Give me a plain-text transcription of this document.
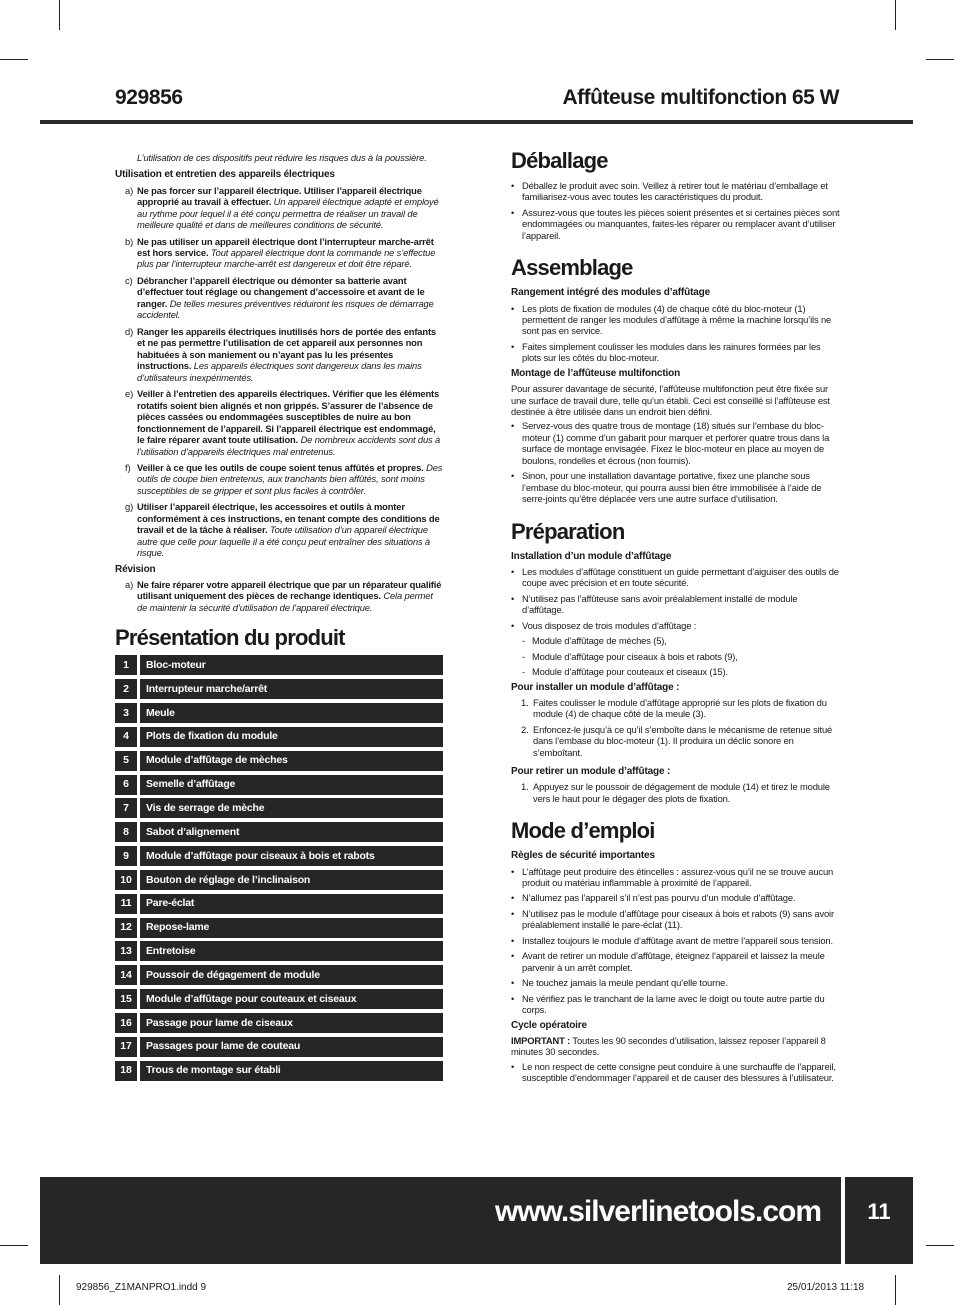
929856	Affûteuse multifonction 65 W
L’utilisation de ces dispositifs peut réduire les risques dus à la poussière.
Utilisation et entretien des appareils électriques
a) Ne pas forcer sur l’appareil électrique. Utiliser l’appareil électrique approprié au travail à effectuer. Un appareil électrique adapté et employé au rythme pour lequel il a été conçu permettra de réaliser un travail de meilleure qualité et dans de meilleures conditions de sécurité.
b) Ne pas utiliser un appareil électrique dont l’interrupteur marche-arrêt est hors service. Tout appareil électrique dont la commande ne s’effectue plus par l’interrupteur marche-arrêt est dangereux et doit être réparé.
c) Débrancher l’appareil électrique ou démonter sa batterie avant d’effectuer tout réglage ou changement d’accessoire et avant de le ranger. De telles mesures préventives réduiront les risques de démarrage accidentel.
d) Ranger les appareils électriques inutilisés hors de portée des enfants et ne pas permettre l’utilisation de cet appareil aux personnes non habituées à son maniement ou n’ayant pas lu les présentes instructions. Les appareils électriques sont dangereux dans les mains d’utilisateurs inexpérimentés.
e) Veiller à l’entretien des appareils électriques. Vérifier que les éléments rotatifs soient bien alignés et non grippés. S’assurer de l’absence de pièces cassées ou endommagées susceptibles de nuire au bon fonctionnement de l’appareil. Si l’appareil électrique est endommagé, le faire réparer avant toute utilisation. De nombreux accidents sont dus à l’utilisation d’appareils électriques mal entretenus.
f) Veiller à ce que les outils de coupe soient tenus affûtés et propres. Des outils de coupe bien entretenus, aux tranchants bien affûtés, sont moins susceptibles de se gripper et sont plus faciles à contrôler.
g) Utiliser l’appareil électrique, les accessoires et outils à monter conformément à ces instructions, en tenant compte des conditions de travail et de la tâche à réaliser. Toute utilisation d’un appareil électrique autre que celle pour laquelle il a été conçu peut entraîner des situations à risque.
Révision
a) Ne faire réparer votre appareil électrique que par un réparateur qualifié utilisant uniquement des pièces de rechange identiques. Cela permet de maintenir la sécurité d’utilisation de l’appareil électrique.
Présentation du produit
1	Bloc-moteur
2	Interrupteur marche/arrêt
3	Meule
4	Plots de fixation du module
5	Module d’affûtage de mèches
6	Semelle d’affûtage
7	Vis de serrage de mèche
8	Sabot d’alignement
9	Module d’affûtage pour ciseaux à bois et rabots
10	Bouton de réglage de l’inclinaison
11	Pare-éclat
12	Repose-lame
13	Entretoise
14	Poussoir de dégagement de module
15	Module d’affûtage pour couteaux et ciseaux
16	Passage pour lame de ciseaux
17	Passages pour lame de couteau
18	Trous de montage sur établi
Déballage
• Déballez le produit avec soin. Veillez à retirer tout le matériau d’emballage et familiarisez-vous avec toutes les caractéristiques du produit.
• Assurez-vous que toutes les pièces soient présentes et si certaines pièces sont endommagées ou manquantes, faites-les réparer ou remplacer avant d’utiliser l’appareil.
Assemblage
Rangement intégré des modules d’affûtage
• Les plots de fixation de modules (4) de chaque côté du bloc-moteur (1) permettent de ranger les modules d’affûtage à même la machine lorsqu’ils ne sont pas en service.
• Faites simplement coulisser les modules dans les rainures formées par les plots sur les côtés du bloc-moteur.
Montage de l’affûteuse multifonction
Pour assurer davantage de sécurité, l’affûteuse multifonction peut être fixée sur une surface de travail dure, telle qu’un établi. Ceci est conseillé si l’affûteuse est destinée à être utilisée dans un endroit bien défini.
• Servez-vous des quatre trous de montage (18) situés sur l’embase du bloc-moteur (1) comme d’un gabarit pour marquer et perforer quatre trous dans la surface de montage envisagée. Fixez le bloc-moteur en place au moyen de boulons, rondelles et écrous (non fournis).
• Sinon, pour une installation davantage portative, fixez une planche sous l’embase du bloc-moteur, qui pourra aussi bien être immobilisée à l’aide de serre-joints qu’être déplacée vers une autre surface d’utilisation.
Préparation
Installation d’un module d’affûtage
• Les modules d’affûtage constituent un guide permettant d’aiguiser des outils de coupe avec précision et en toute sécurité.
• N’utilisez pas l’affûteuse sans avoir préalablement installé de module d’affûtage.
• Vous disposez de trois modules d’affûtage :
- Module d’affûtage de mèches (5),
- Module d’affûtage pour ciseaux à bois et rabots (9),
- Module d’affûtage pour couteaux et ciseaux (15).
Pour installer un module d’affûtage :
1. Faites coulisser le module d’affûtage approprié sur les plots de fixation du module (4) de chaque côté de la meule (3).
2. Enfoncez-le jusqu’à ce qu’il s’emboîte dans le mécanisme de retenue situé dans l’embase du bloc-moteur (1). Il produira un déclic sonore en s’emboîtant.
Pour retirer un module d’affûtage :
1. Appuyez sur le poussoir de dégagement de module (14) et tirez le module vers le haut pour le dégager des plots de fixation.
Mode d’emploi
Règles de sécurité importantes
• L’affûtage peut produire des étincelles : assurez-vous qu’il ne se trouve aucun produit ou matériau inflammable à proximité de l’appareil.
• N’allumez pas l’appareil s’il n’est pas pourvu d’un module d’affûtage.
• N’utilisez pas le module d’affûtage pour ciseaux à bois et rabots (9) sans avoir préalablement installé le pare-éclat (11).
• Installez toujours le module d’affûtage avant de mettre l’appareil sous tension.
• Avant de retirer un module d’affûtage, éteignez l’appareil et laissez la meule parvenir à un arrêt complet.
• Ne touchez jamais la meule pendant qu’elle tourne.
• Ne vérifiez pas le tranchant de la lame avec le doigt ou toute autre partie du corps.
Cycle opératoire
IMPORTANT : Toutes les 90 secondes d’utilisation, laissez reposer l’appareil 8 minutes 30 secondes.
• Le non respect de cette consigne peut conduire à une surchauffe de l’appareil, susceptible d’endommager l’appareil et de causer des blessures à l’utilisateur.
www.silverlinetools.com	11
929856_Z1MANPRO1.indd 9	25/01/2013 11:18
